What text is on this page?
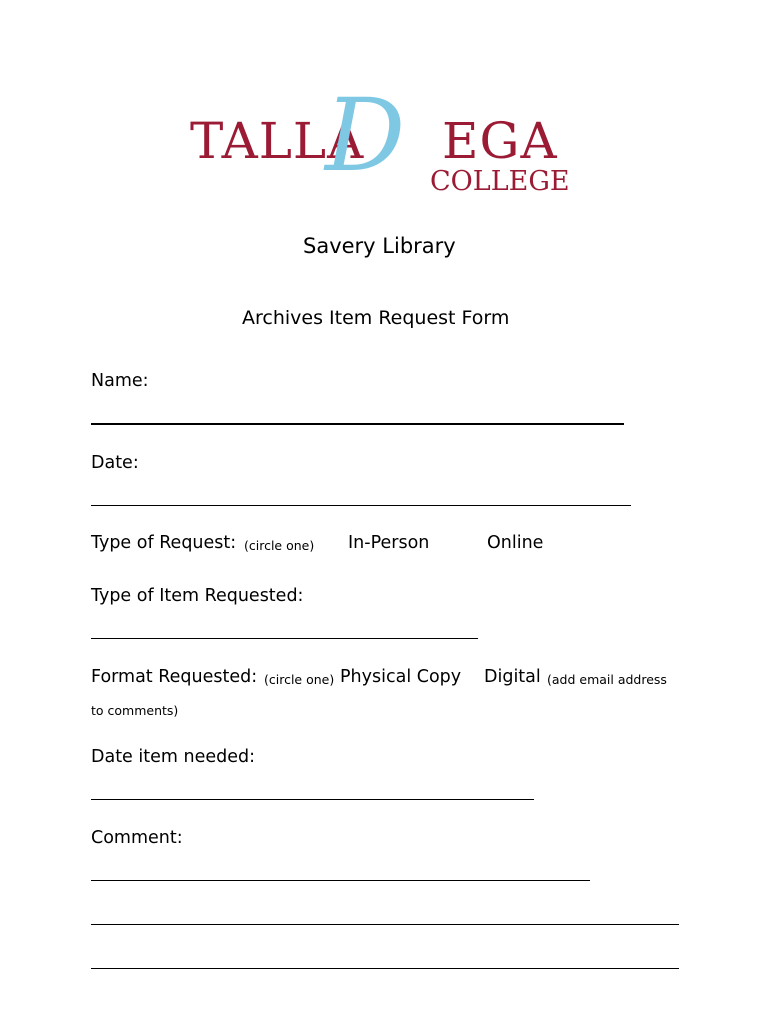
TALLA
D EGA
COLLEGE
Savery Library
Archives Item Request Form
Name:
Date:
Type of Request: (circle one) In-Person	Online
Type of Item Requested:
Format Requested: (circle one) Physical Copy Digital (add email address
to comments)
Date item needed:
Comment:
